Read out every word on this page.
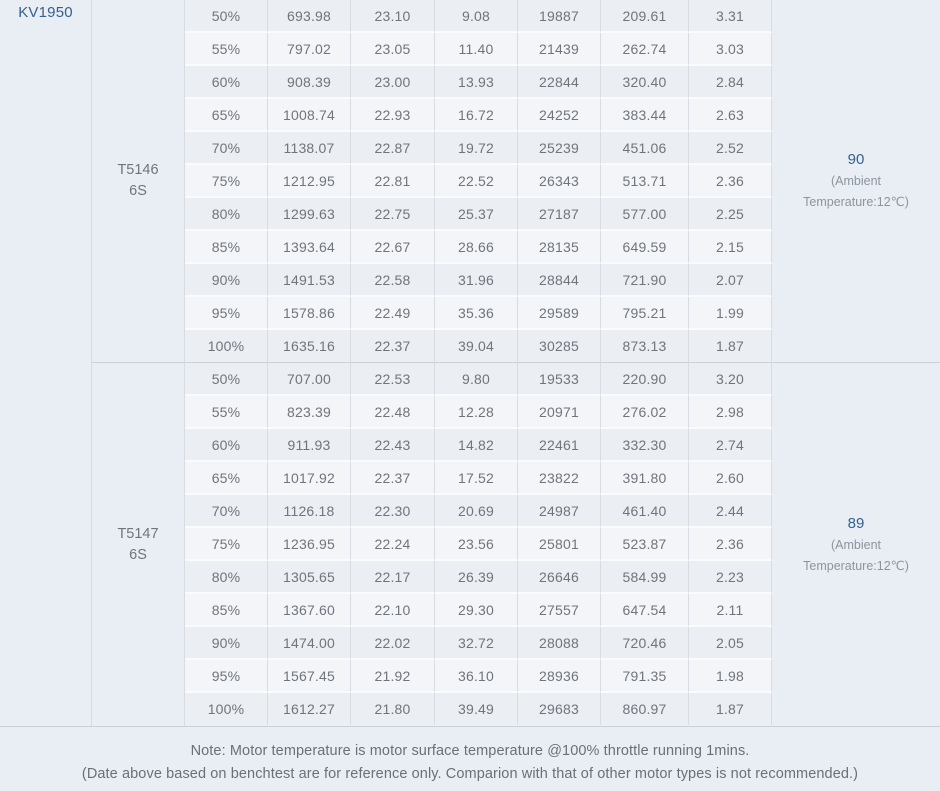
KV1950
T5146
6S
T5147
6S
50%	693.98	23.10	9.08	19887	209.61	3.31
55%	797.02	23.05	11.40	21439	262.74	3.03
60%	908.39	23.00	13.93	22844	320.40	2.84
65%	1008.74	22.93	16.72	24252	383.44	2.63
70%	1138.07	22.87	19.72	25239	451.06	2.52
75%	1212.95	22.81	22.52	26343	513.71	2.36
80%	1299.63	22.75	25.37	27187	577.00	2.25
85%	1393.64	22.67	28.66	28135	649.59	2.15
90%	1491.53	22.58	31.96	28844	721.90	2.07
95%	1578.86	22.49	35.36	29589	795.21	1.99
100%	1635.16	22.37	39.04	30285	873.13	1.87
50%	707.00	22.53	9.80	19533	220.90	3.20
55%	823.39	22.48	12.28	20971	276.02	2.98
60%	911.93	22.43	14.82	22461	332.30	2.74
65%	1017.92	22.37	17.52	23822	391.80	2.60
70%	1126.18	22.30	20.69	24987	461.40	2.44
75%	1236.95	22.24	23.56	25801	523.87	2.36
80%	1305.65	22.17	26.39	26646	584.99	2.23
85%	1367.60	22.10	29.30	27557	647.54	2.11
90%	1474.00	22.02	32.72	28088	720.46	2.05
95%	1567.45	21.92	36.10	28936	791.35	1.98
100%	1612.27	21.80	39.49	29683	860.97	1.87
90
(Ambient
Temperature:12℃)
89
(Ambient
Temperature:12℃)
Note: Motor temperature is motor surface temperature @100% throttle running 1mins.
(Date above based on benchtest are for reference only. Comparion with that of other motor types is not recommended.)
